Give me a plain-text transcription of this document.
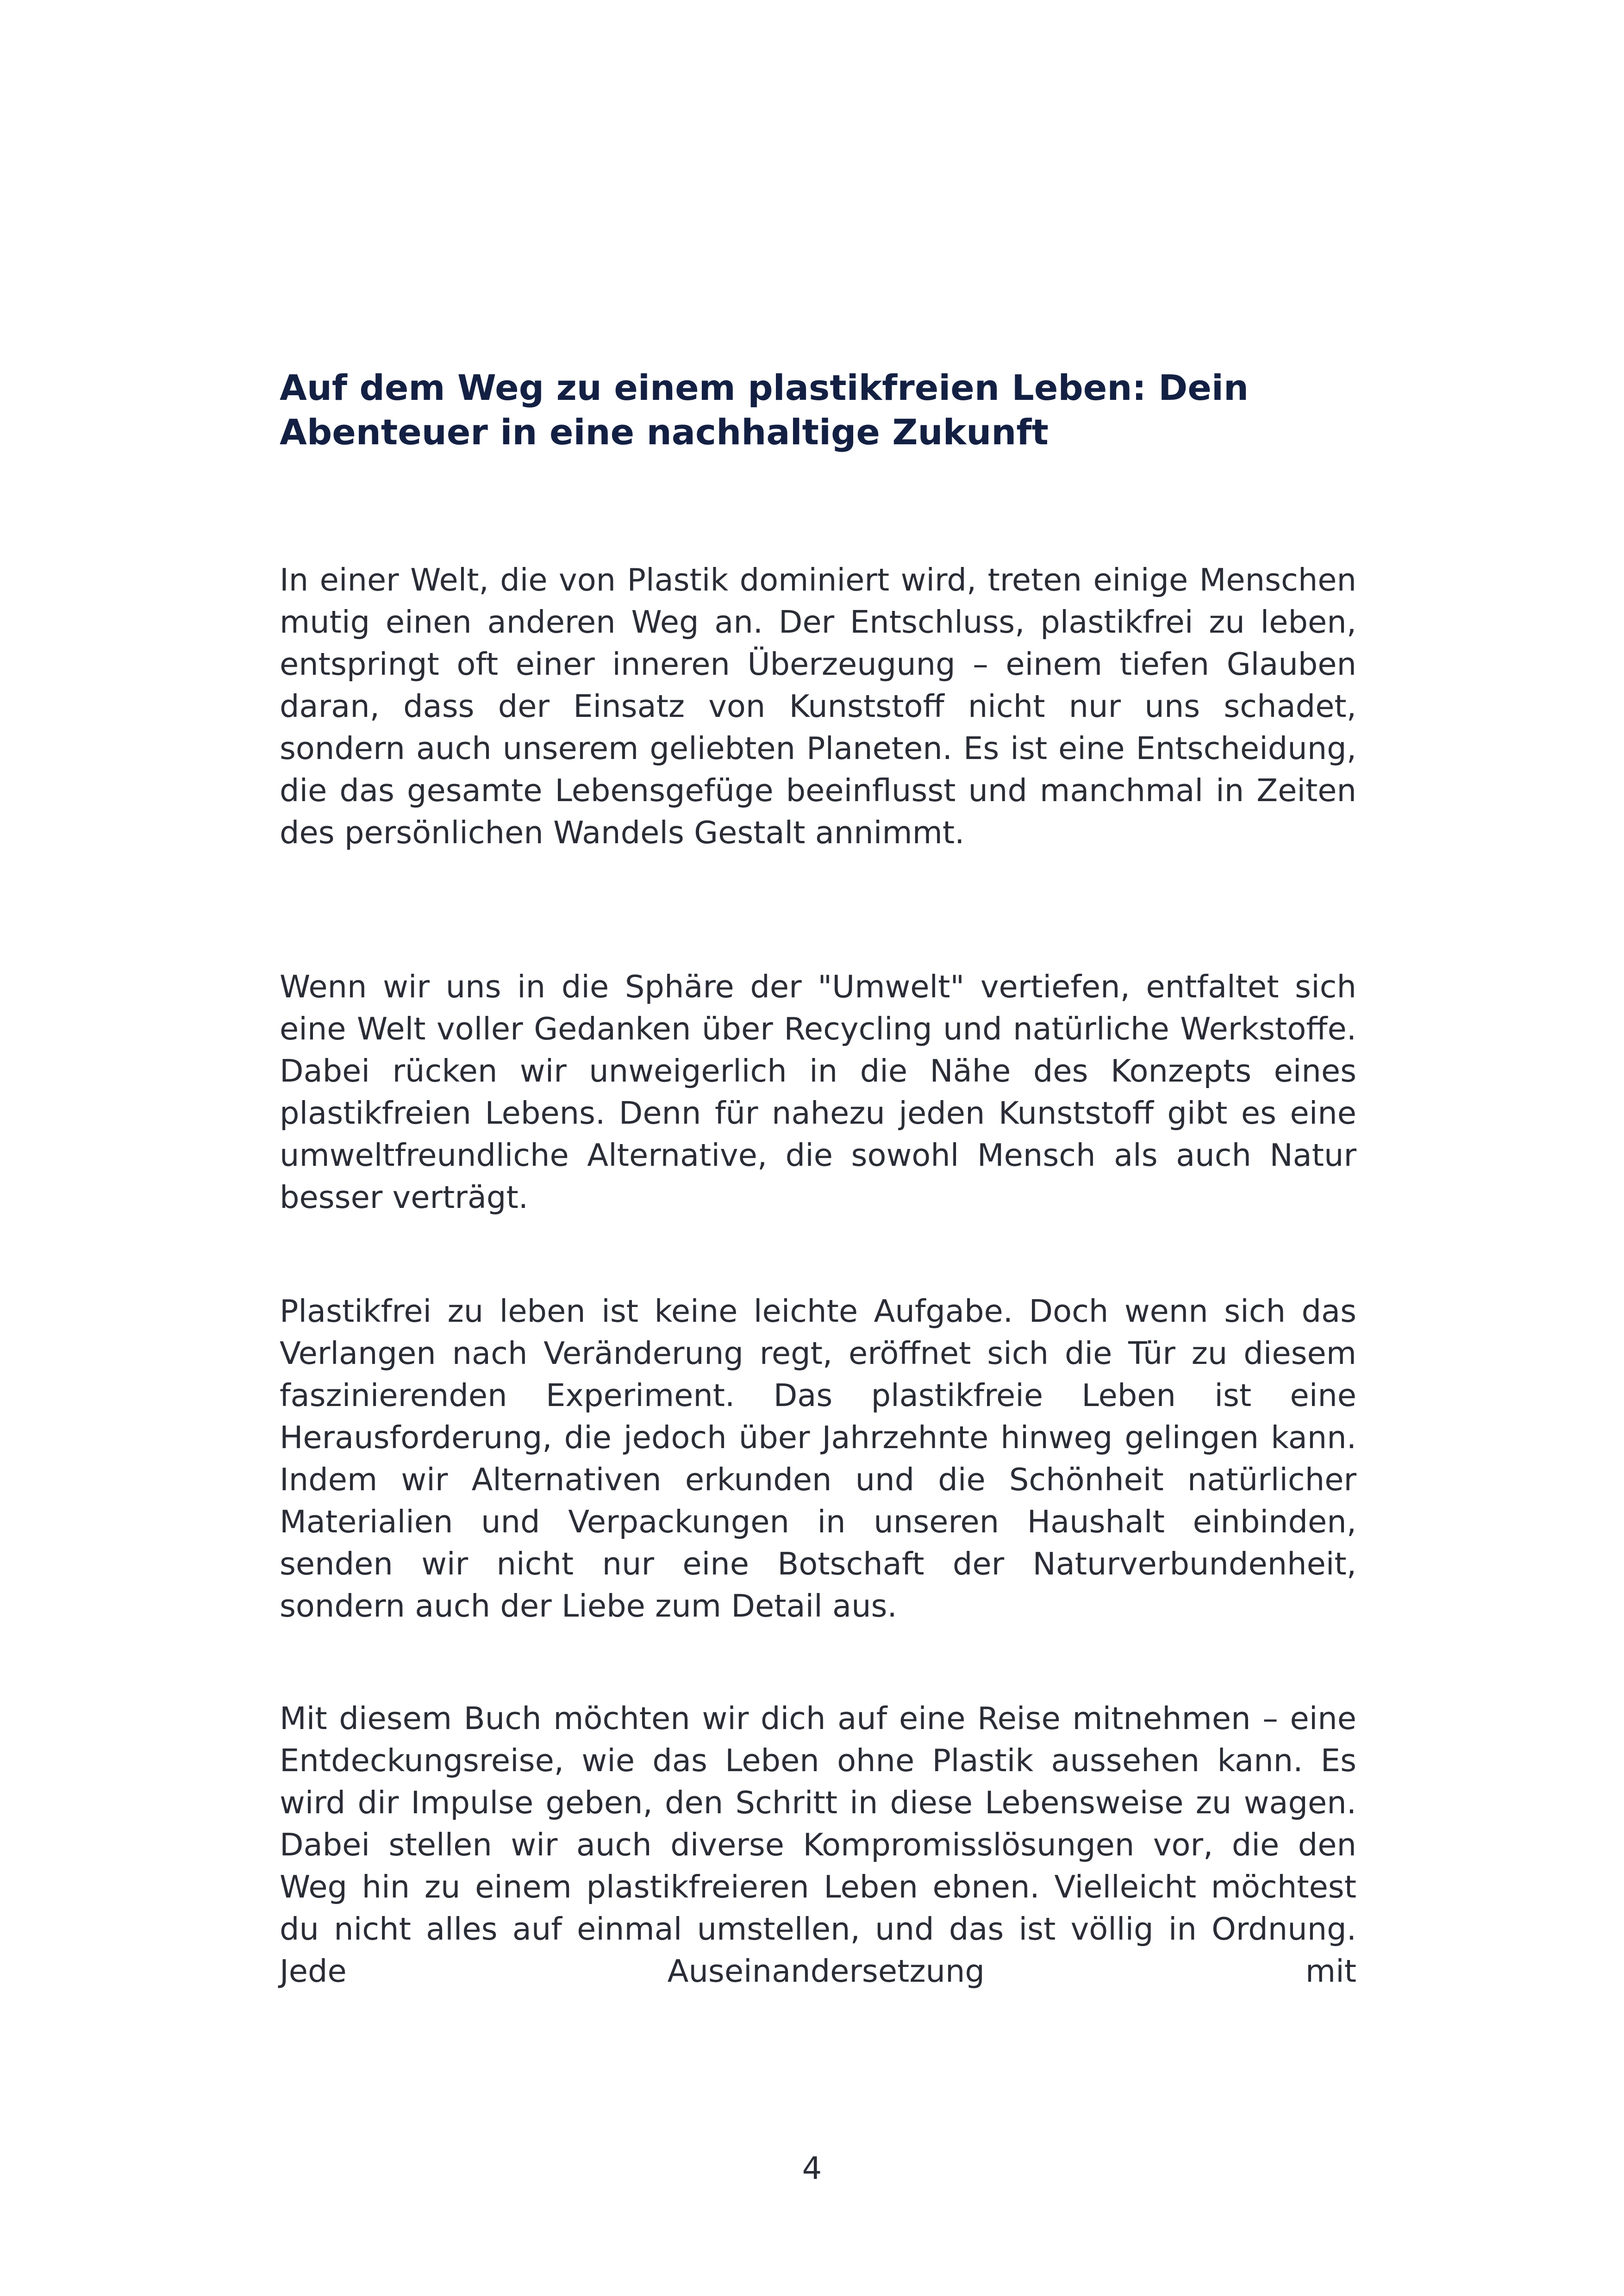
Auf dem Weg zu einem plastikfreien Leben: Dein Abenteuer in eine nachhaltige Zukunft

In einer Welt, die von Plastik dominiert wird, treten einige Menschen mutig einen anderen Weg an. Der Entschluss, plastikfrei zu leben, entspringt oft einer inneren Überzeugung – einem tiefen Glauben daran, dass der Einsatz von Kunststoff nicht nur uns schadet, sondern auch unserem geliebten Planeten. Es ist eine Entscheidung, die das gesamte Lebensgefüge beeinflusst und manchmal in Zeiten des persönlichen Wandels Gestalt annimmt.

Wenn wir uns in die Sphäre der "Umwelt" vertiefen, entfaltet sich eine Welt voller Gedanken über Recycling und natürliche Werkstoffe. Dabei rücken wir unweigerlich in die Nähe des Konzepts eines plastikfreien Lebens. Denn für nahezu jeden Kunststoff gibt es eine umweltfreundliche Alternative, die sowohl Mensch als auch Natur besser verträgt.

Plastikfrei zu leben ist keine leichte Aufgabe. Doch wenn sich das Verlangen nach Veränderung regt, eröffnet sich die Tür zu diesem faszinierenden Experiment. Das plastikfreie Leben ist eine Herausforderung, die jedoch über Jahrzehnte hinweg gelingen kann. Indem wir Alternativen erkunden und die Schönheit natürlicher Materialien und Verpackungen in unseren Haushalt einbinden, senden wir nicht nur eine Botschaft der Naturverbundenheit, sondern auch der Liebe zum Detail aus.

Mit diesem Buch möchten wir dich auf eine Reise mitnehmen – eine Entdeckungsreise, wie das Leben ohne Plastik aussehen kann. Es wird dir Impulse geben, den Schritt in diese Lebensweise zu wagen. Dabei stellen wir auch diverse Kompromisslösungen vor, die den Weg hin zu einem plastikfreieren Leben ebnen. Vielleicht möchtest du nicht alles auf einmal umstellen, und das ist völlig in Ordnung. Jede Auseinandersetzung mit

4
